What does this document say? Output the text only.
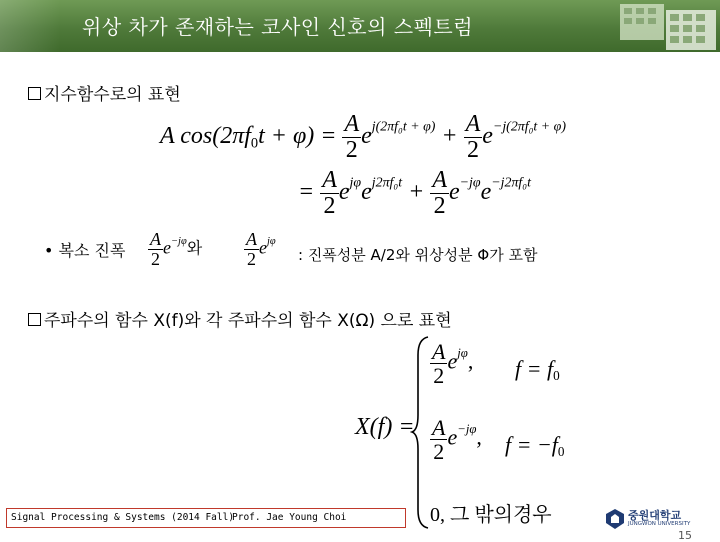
위상 차가 존재하는 코사인 신호의 스펙트럼
지수함수로의 표현
A $\cos(2\pi f0t + \varphi) = \frac{A}{2} e^{j(2\pi f_0t + \varphi)} + \frac{A}{2} e^{-j(2\pi f_0t + \varphi)}$
= $\frac{A}{2} e^{j\varphi}e^{j2\pi f_0t} + \frac{A}{2} e^{-j\varphi}e^{-j2\pi f_0t}$
• 복소 진폭 $\frac{A}{2} e^{-j\varphi}$와 $\frac{A}{2} e^{j\varphi}$
: 진폭성분 A/2와 위상성분 Φ가 포함
주파수의 함수 X(f)와 각 주파수의 함수 X(Ω) 으로 표현
X(f) =
$\frac{A}{2} e^{j\varphi}$, f = f0
$\frac{A}{2} e^{-j\varphi}$, f = −f0
0, 그 밖의경우
Signal Processing & Systems (2014 Fall)
Prof. Jae Young Choi	중원대학교
JUNGWON UNIVERSITY
15
